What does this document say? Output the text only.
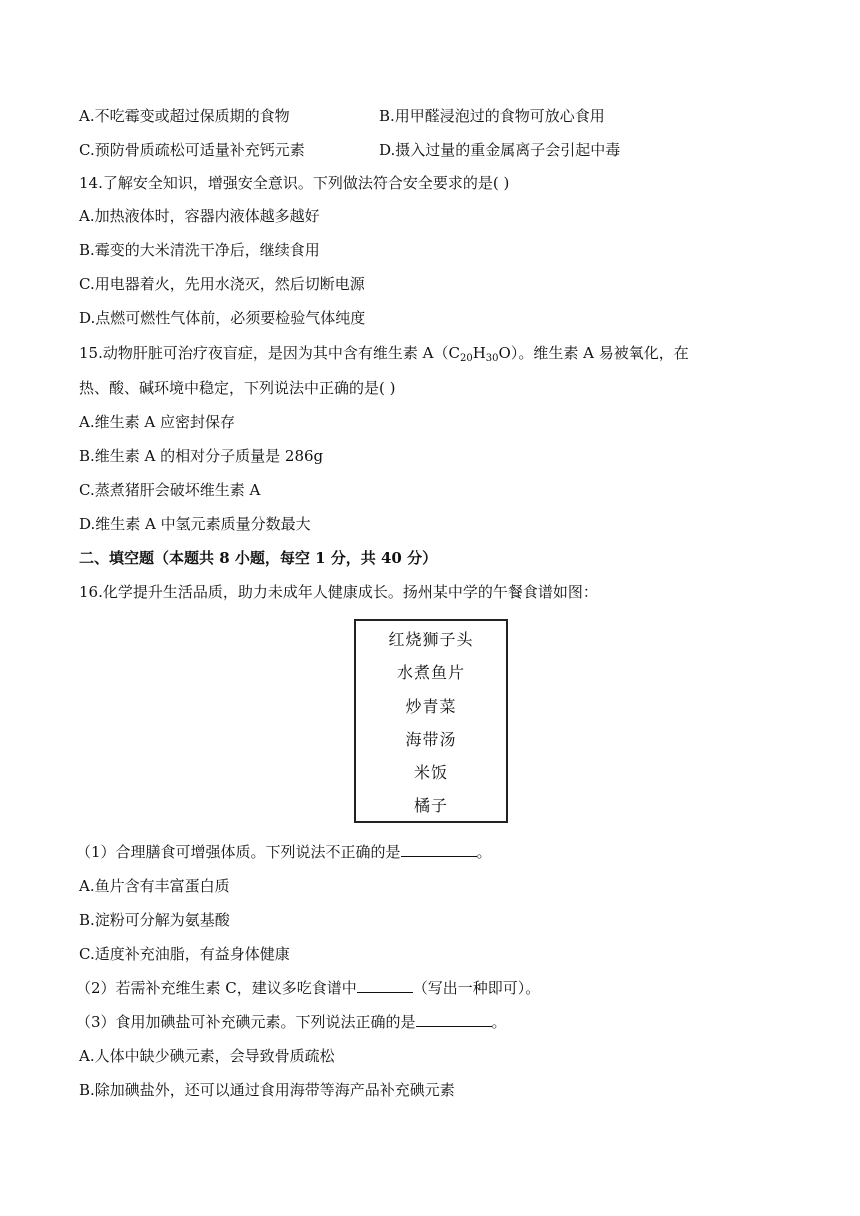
A.不吃霉变或超过保质期的食物	B.用甲醛浸泡过的食物可放心食用
C.预防骨质疏松可适量补充钙元素	D.摄入过量的重金属离子会引起中毒
14.了解安全知识，增强安全意识。下列做法符合安全要求的是( )
A.加热液体时，容器内液体越多越好
B.霉变的大米清洗干净后，继续食用
C.用电器着火，先用水浇灭，然后切断电源
D.点燃可燃性气体前，必须要检验气体纯度
15.动物肝脏可治疗夜盲症，是因为其中含有维生素 $A(C_{20}H_{30}O)$。维生素 A 易被氧化，在
热、酸、碱环境中稳定，下列说法中正确的是( )
A.维生素 A 应密封保存
B.维生素 A 的相对分子质量是 286g
C.蒸煮猪肝会破坏维生素 A
D.维生素 A 中氢元素质量分数最大
二、填空题（本题共 8 小题，每空 1 分，共 40 分）
16.化学提升生活品质，助力未成年人健康成长。扬州某中学的午餐食谱如图：
红烧狮子头
水煮鱼片
炒青菜
海带汤
米饭
橘子
（1）合理膳食可增强体质。下列说法不正确的是	。
A.鱼片含有丰富蛋白质
B.淀粉可分解为氨基酸
C.适度补充油脂，有益身体健康
（2）若需补充维生素 C，建议多吃食谱中	（写出一种即可）。
（3）食用加碘盐可补充碘元素。下列说法正确的是	。
A.人体中缺少碘元素，会导致骨质疏松
B.除加碘盐外，还可以通过食用海带等海产品补充碘元素
